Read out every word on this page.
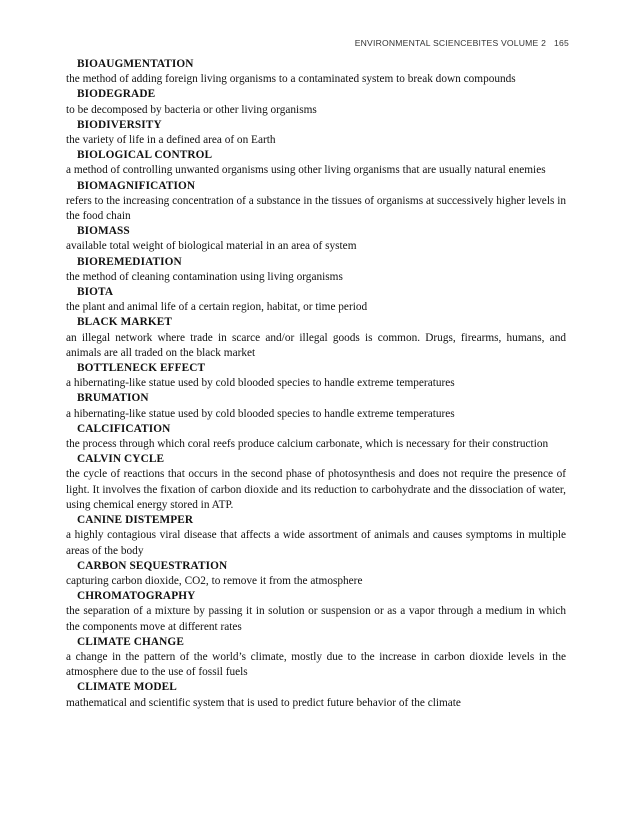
ENVIRONMENTAL SCIENCEBITES VOLUME 2 165
BIOAUGMENTATION
the method of adding foreign living organisms to a contaminated system to break down compounds
BIODEGRADE
to be decomposed by bacteria or other living organisms
BIODIVERSITY
the variety of life in a defined area of on Earth
BIOLOGICAL CONTROL
a method of controlling unwanted organisms using other living organisms that are usually natural enemies
BIOMAGNIFICATION
refers to the increasing concentration of a substance in the tissues of organisms at successively higher levels in the food chain
BIOMASS
available total weight of biological material in an area of system
BIOREMEDIATION
the method of cleaning contamination using living organisms
BIOTA
the plant and animal life of a certain region, habitat, or time period
BLACK MARKET
an illegal network where trade in scarce and/or illegal goods is common. Drugs, firearms, humans, and animals are all traded on the black market
BOTTLENECK EFFECT
a hibernating-like statue used by cold blooded species to handle extreme temperatures
BRUMATION
a hibernating-like statue used by cold blooded species to handle extreme temperatures
CALCIFICATION
the process through which coral reefs produce calcium carbonate, which is necessary for their construction
CALVIN CYCLE
the cycle of reactions that occurs in the second phase of photosynthesis and does not require the presence of light. It involves the fixation of carbon dioxide and its reduction to carbohydrate and the dissociation of water, using chemical energy stored in ATP.
CANINE DISTEMPER
a highly contagious viral disease that affects a wide assortment of animals and causes symptoms in multiple areas of the body
CARBON SEQUESTRATION
capturing carbon dioxide, CO2, to remove it from the atmosphere
CHROMATOGRAPHY
the separation of a mixture by passing it in solution or suspension or as a vapor through a medium in which the components move at different rates
CLIMATE CHANGE
a change in the pattern of the world’s climate, mostly due to the increase in carbon dioxide levels in the atmosphere due to the use of fossil fuels
CLIMATE MODEL
mathematical and scientific system that is used to predict future behavior of the climate
